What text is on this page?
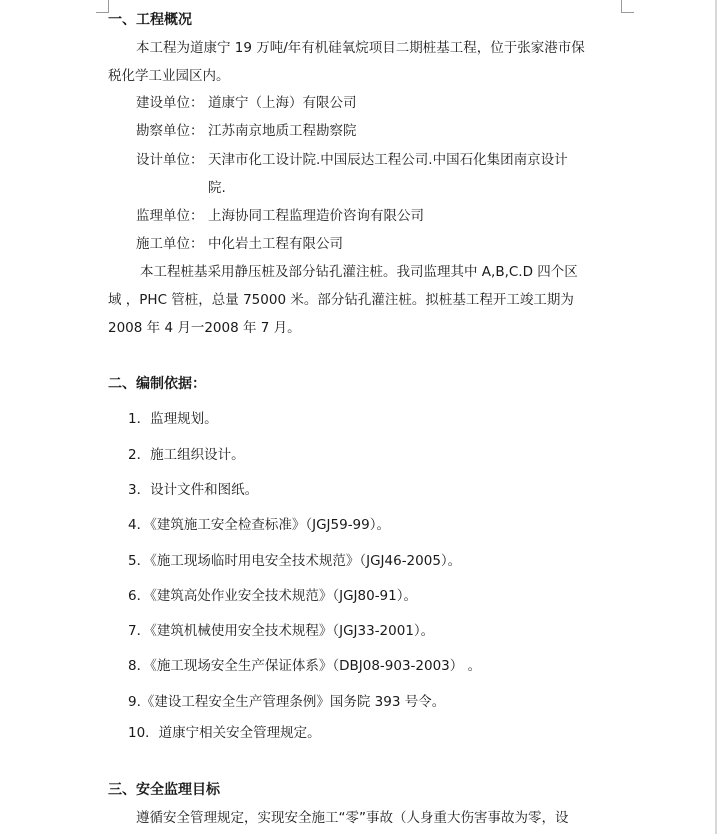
一、工程概况
本工程为道康宁 19 万吨/年有机硅氧烷项目二期桩基工程，位于张家港市保
税化学工业园区内。
建设单位： 道康宁（上海）有限公司
勘察单位： 江苏南京地质工程勘察院
设计单位： 天津市化工设计院.中国辰达工程公司.中国石化集团南京设计
院.
监理单位： 上海协同工程监理造价咨询有限公司
施工单位： 中化岩土工程有限公司
本工程桩基采用静压桩及部分钻孔灌注桩。我司监理其中 A,B,C.D 四个区
域 ，PHC 管桩，总量 75000 米。部分钻孔灌注桩。拟桩基工程开工竣工期为
2008 年 4 月一2008 年 7 月。
二、编制依据：
1．监理规划。
2．施工组织设计。
3．设计文件和图纸。
4．《建筑施工安全检查标准》（JGJ59-99）。
5．《施工现场临时用电安全技术规范》（JGJ46-2005）。
6．《建筑高处作业安全技术规范》（JGJ80-91）。
7．《建筑机械使用安全技术规程》（JGJ33-2001）。
8．《施工现场安全生产保证体系》（DBJ08-903-2003） 。
9.《建设工程安全生产管理条例》国务院 393 号令。
10．道康宁相关安全管理规定。
三、安全监理目标
遵循安全管理规定，实现安全施工“零”事故（人身重大伤害事故为零，设
